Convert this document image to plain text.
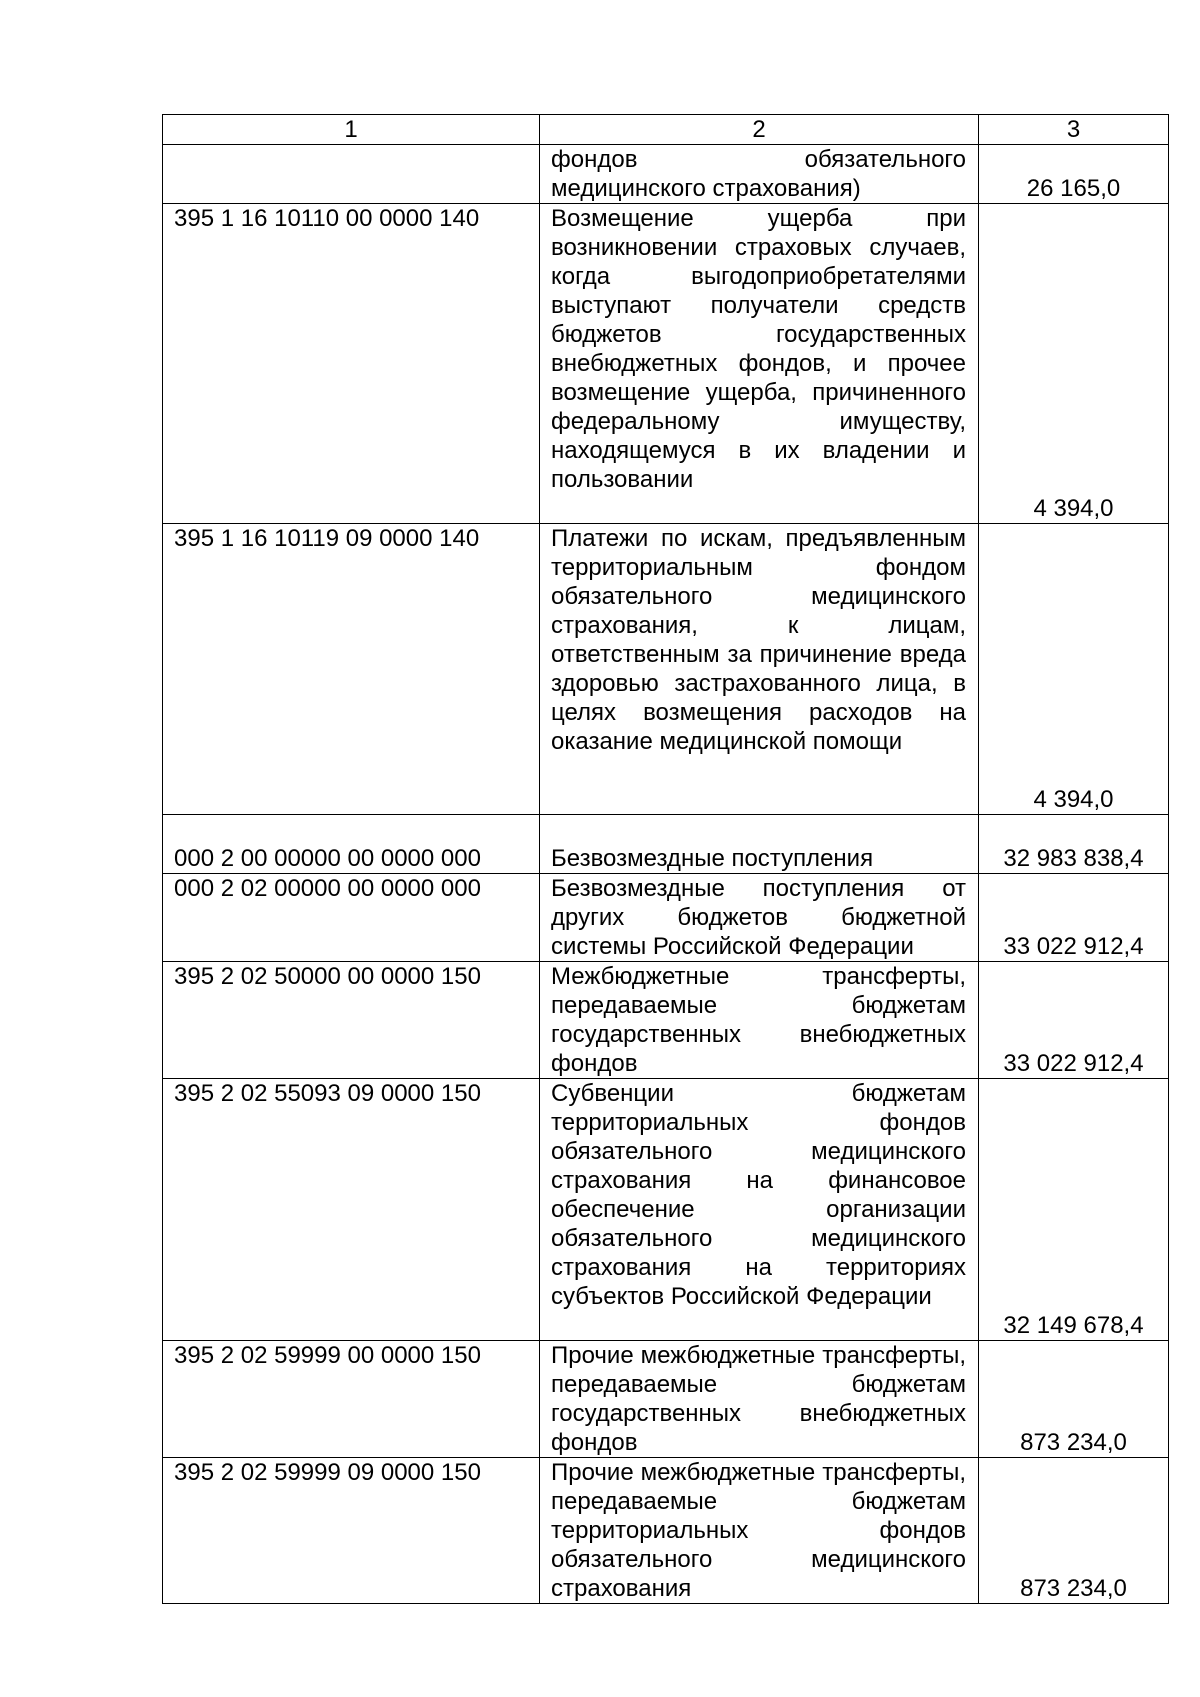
1	2	3
	фондов обязательного медицинского страхования)	26 165,0
395 1 16 10110 00 0000 140	Возмещение ущерба при возникновении страховых случаев, когда выгодоприобретателями выступают получатели средств бюджетов государственных внебюджетных фондов, и прочее возмещение ущерба, причиненного федеральному имуществу, находящемуся в их владении и пользовании	4 394,0
395 1 16 10119 09 0000 140	Платежи по искам, предъявленным территориальным фондом обязательного медицинского страхования, к лицам, ответственным за причинение вреда здоровью застрахованного лица, в целях возмещения расходов на оказание медицинской помощи	4 394,0
000 2 00 00000 00 0000 000	Безвозмездные поступления	32 983 838,4
000 2 02 00000 00 0000 000	Безвозмездные поступления от других бюджетов бюджетной системы Российской Федерации	33 022 912,4
395 2 02 50000 00 0000 150	Межбюджетные трансферты, передаваемые бюджетам государственных внебюджетных фондов	33 022 912,4
395 2 02 55093 09 0000 150	Субвенции бюджетам территориальных фондов обязательного медицинского страхования на финансовое обеспечение организации обязательного медицинского страхования на территориях субъектов Российской Федерации	32 149 678,4
395 2 02 59999 00 0000 150	Прочие межбюджетные трансферты, передаваемые бюджетам государственных внебюджетных фондов	873 234,0
395 2 02 59999 09 0000 150	Прочие межбюджетные трансферты, передаваемые бюджетам территориальных фондов обязательного медицинского страхования	873 234,0
